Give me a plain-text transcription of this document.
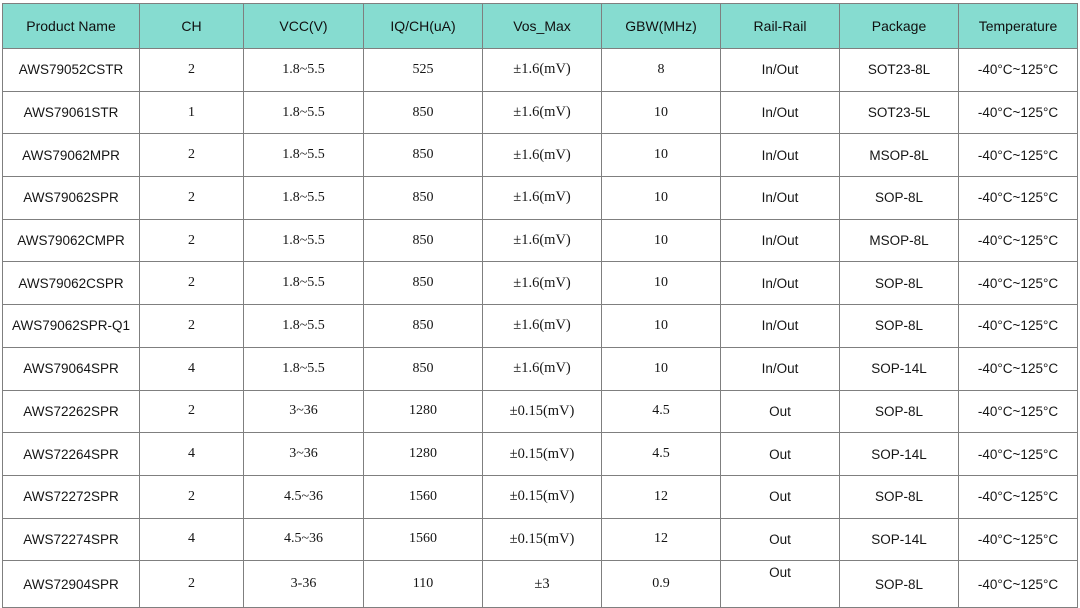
Product Name	CH	VCC(V)	IQ/CH(uA)	Vos_Max	GBW(MHz)	Rail-Rail	Package	Temperature
AWS79052CSTR	2	1.8~5.5	525	±1.6(mV)	8	In/Out	SOT23-8L	-40°C~125°C
AWS79061STR	1	1.8~5.5	850	±1.6(mV)	10	In/Out	SOT23-5L	-40°C~125°C
AWS79062MPR	2	1.8~5.5	850	±1.6(mV)	10	In/Out	MSOP-8L	-40°C~125°C
AWS79062SPR	2	1.8~5.5	850	±1.6(mV)	10	In/Out	SOP-8L	-40°C~125°C
AWS79062CMPR	2	1.8~5.5	850	±1.6(mV)	10	In/Out	MSOP-8L	-40°C~125°C
AWS79062CSPR	2	1.8~5.5	850	±1.6(mV)	10	In/Out	SOP-8L	-40°C~125°C
AWS79062SPR-Q1	2	1.8~5.5	850	±1.6(mV)	10	In/Out	SOP-8L	-40°C~125°C
AWS79064SPR	4	1.8~5.5	850	±1.6(mV)	10	In/Out	SOP-14L	-40°C~125°C
AWS72262SPR	2	3~36	1280	±0.15(mV)	4.5	Out	SOP-8L	-40°C~125°C
AWS72264SPR	4	3~36	1280	±0.15(mV)	4.5	Out	SOP-14L	-40°C~125°C
AWS72272SPR	2	4.5~36	1560	±0.15(mV)	12	Out	SOP-8L	-40°C~125°C
AWS72274SPR	4	4.5~36	1560	±0.15(mV)	12	Out	SOP-14L	-40°C~125°C
AWS72904SPR	2	3-36	110	±3	0.9	Out	SOP-8L	-40°C~125°C
